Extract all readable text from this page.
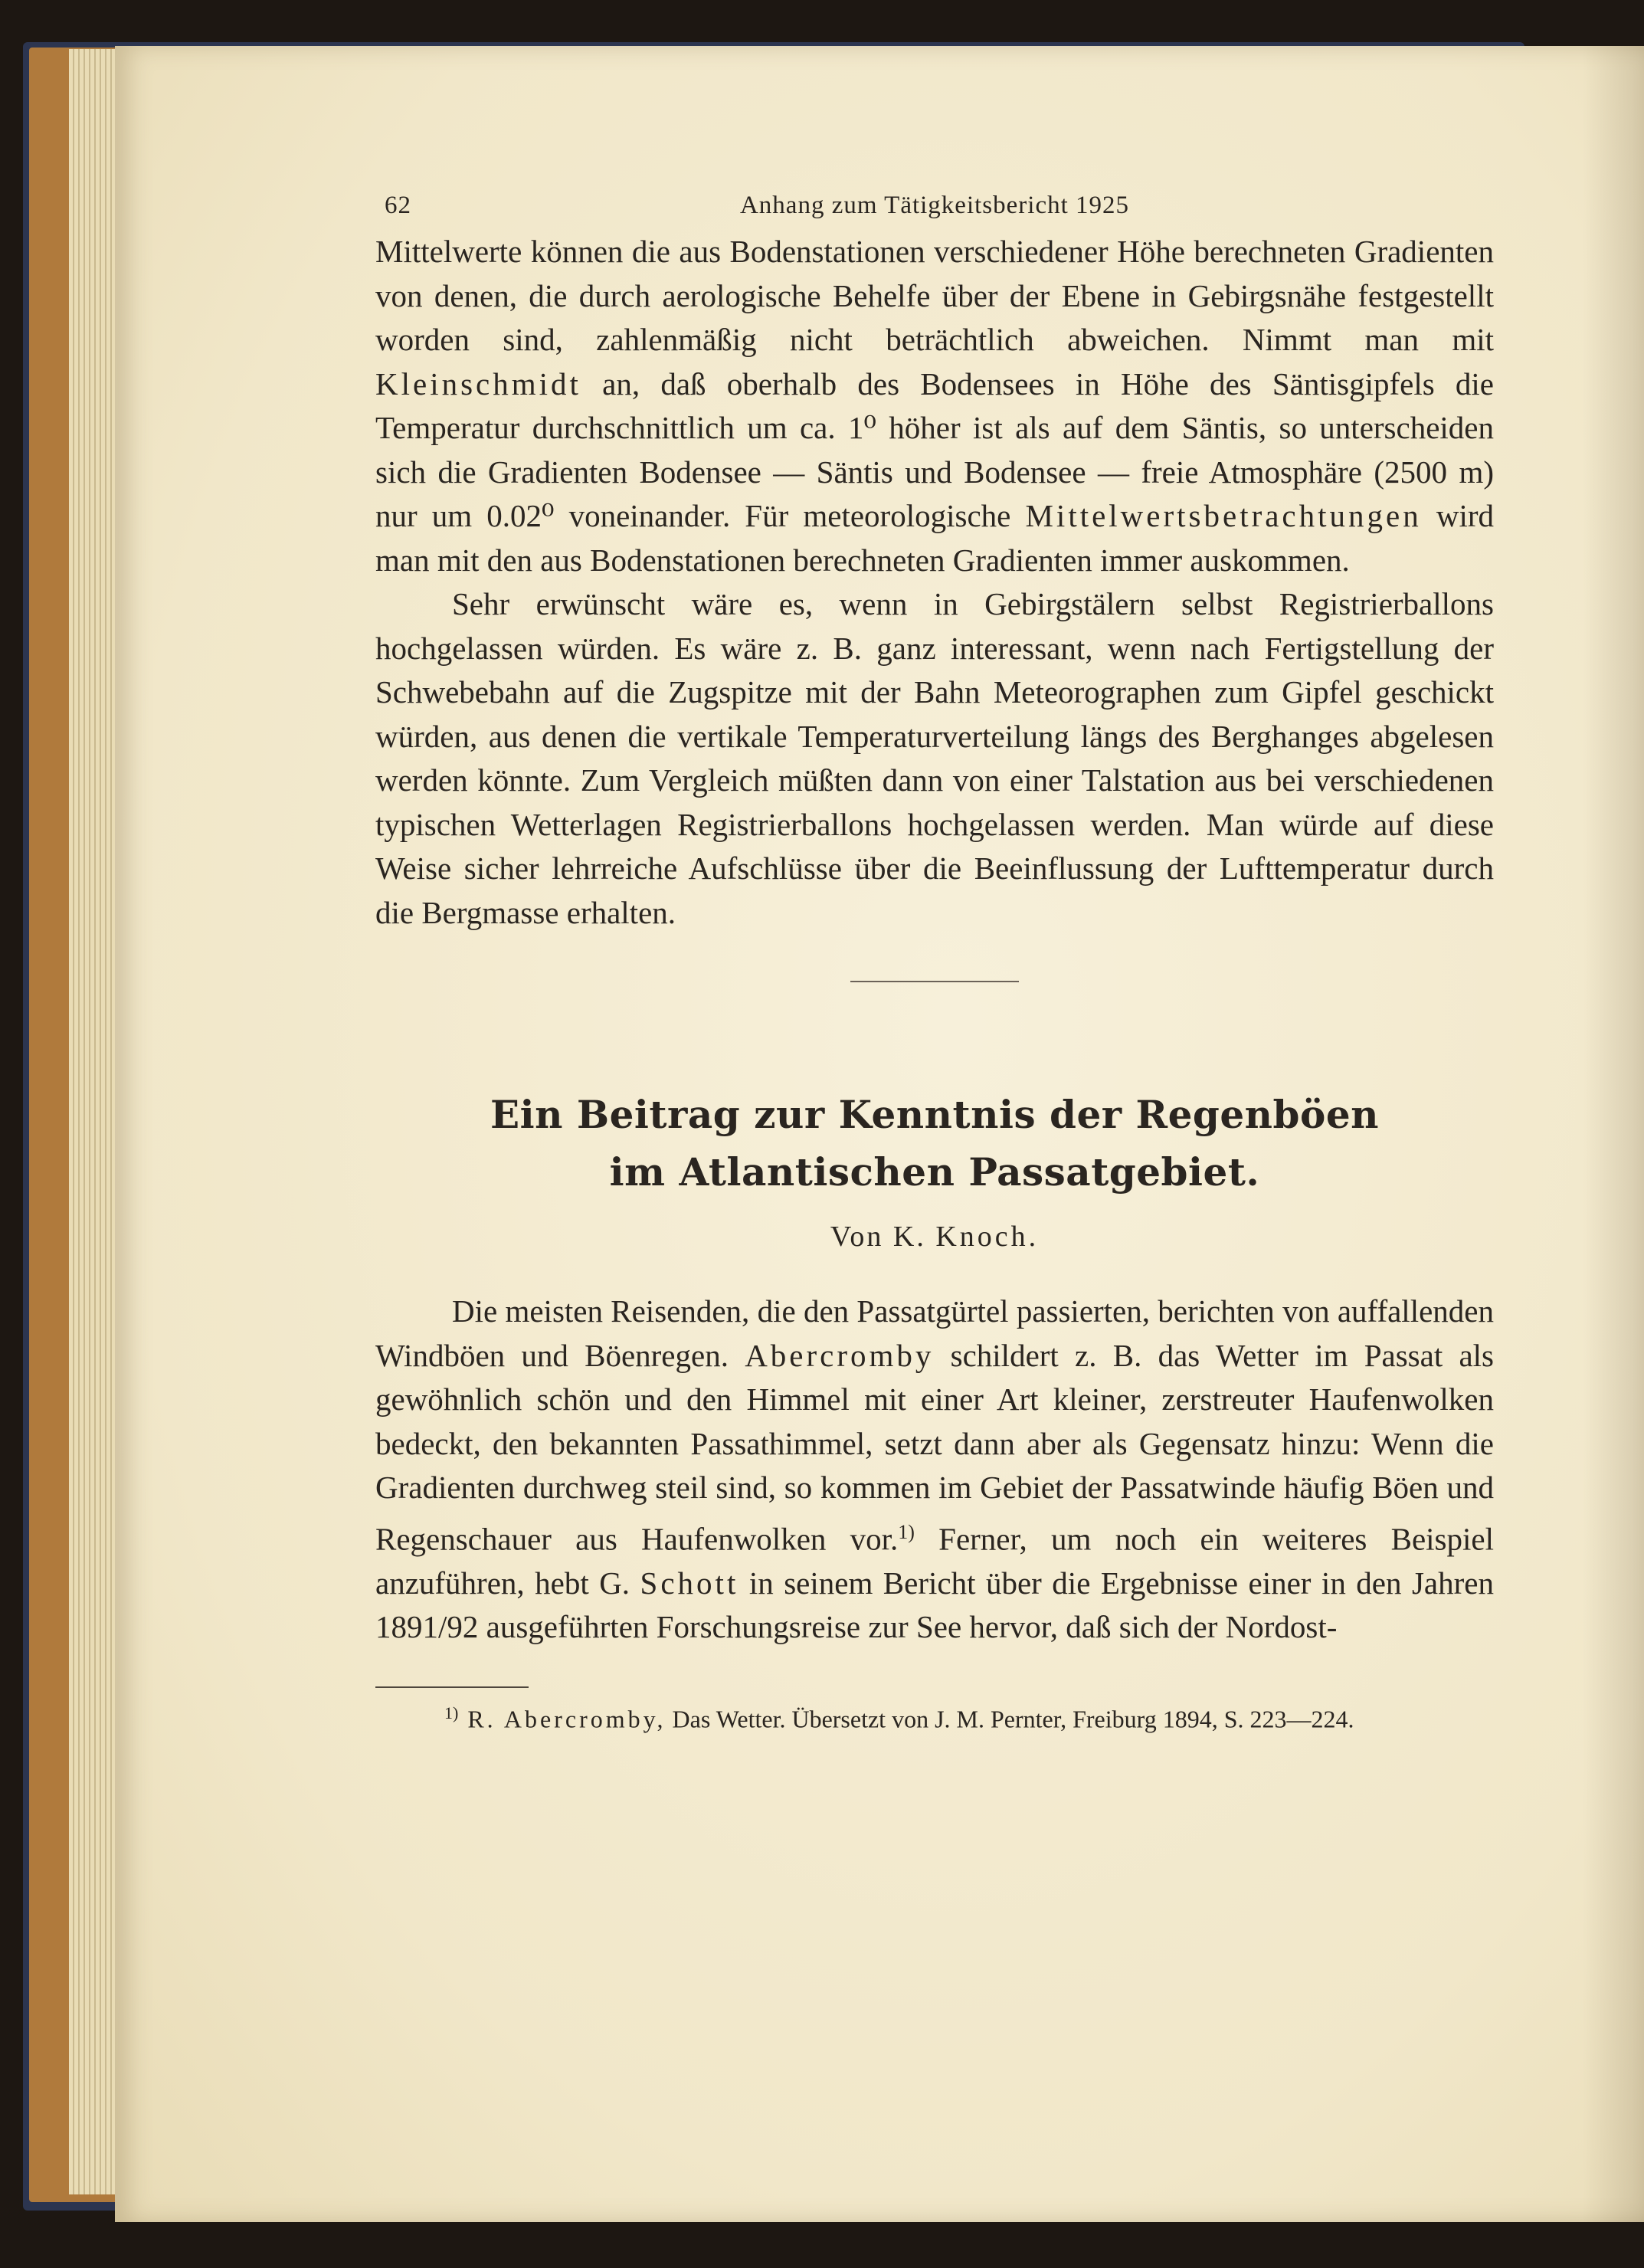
62	Anhang zum Tätigkeitsbericht 1925

Mittelwerte können die aus Bodenstationen verschiedener Höhe berechneten Gradienten von denen, die durch aerologische Behelfe über der Ebene in Gebirgsnähe festgestellt worden sind, zahlenmäßig nicht beträchtlich abweichen. Nimmt man mit Kleinschmidt an, daß oberhalb des Bodensees in Höhe des Säntisgipfels die Temperatur durchschnittlich um ca. 1⁰ höher ist als auf dem Säntis, so unterscheiden sich die Gradienten Bodensee — Säntis und Bodensee — freie Atmosphäre (2500 m) nur um 0.02⁰ voneinander. Für meteorologische Mittelwertsbetrachtungen wird man mit den aus Bodenstationen berechneten Gradienten immer auskommen.

Sehr erwünscht wäre es, wenn in Gebirgstälern selbst Registrierballons hochgelassen würden. Es wäre z. B. ganz interessant, wenn nach Fertigstellung der Schwebebahn auf die Zugspitze mit der Bahn Meteorographen zum Gipfel geschickt würden, aus denen die vertikale Temperaturverteilung längs des Berghanges abgelesen werden könnte. Zum Vergleich müßten dann von einer Talstation aus bei verschiedenen typischen Wetterlagen Registrierballons hochgelassen werden. Man würde auf diese Weise sicher lehrreiche Aufschlüsse über die Beeinflussung der Lufttemperatur durch die Bergmasse erhalten.

Ein Beitrag zur Kenntnis der Regenböen
im Atlantischen Passatgebiet.
Von K. Knoch.

Die meisten Reisenden, die den Passatgürtel passierten, berichten von auffallenden Windböen und Böenregen. Abercromby schildert z. B. das Wetter im Passat als gewöhnlich schön und den Himmel mit einer Art kleiner, zerstreuter Haufenwolken bedeckt, den bekannten Passathimmel, setzt dann aber als Gegensatz hinzu: Wenn die Gradienten durchweg steil sind, so kommen im Gebiet der Passatwinde häufig Böen und Regenschauer aus Haufenwolken vor.$^{1)}$ Ferner, um noch ein weiteres Beispiel anzuführen, hebt G. Schott in seinem Bericht über die Ergebnisse einer in den Jahren 1891/92 ausgeführten Forschungsreise zur See hervor, daß sich der Nordost-

$^{1)}$ R. Abercromby, Das Wetter. Übersetzt von J. M. Pernter, Freiburg 1894, S. 223—224.
